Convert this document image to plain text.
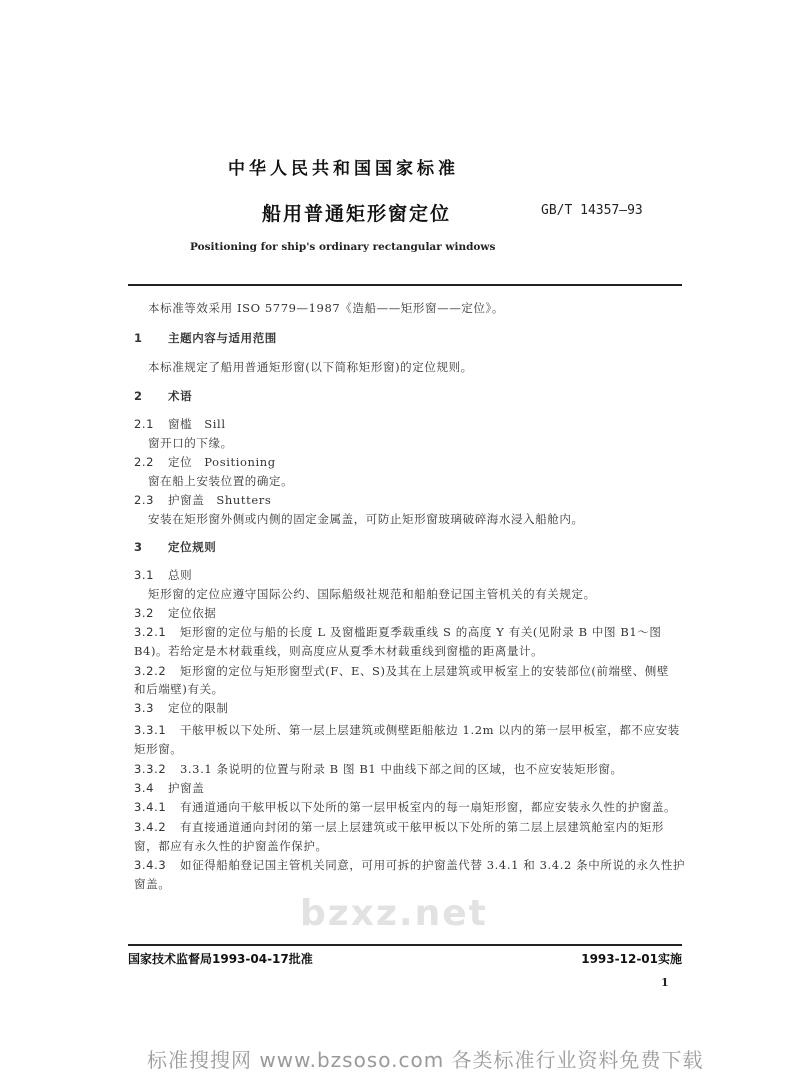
bzxz.net
中华人民共和国国家标准
船用普通矩形窗定位	GB/T 14357—93
Positioning for ship's ordinary rectangular windows
本标准等效采用 ISO 5779—1987《造船——矩形窗——定位》。
1 主题内容与适用范围
本标准规定了船用普通矩形窗(以下简称矩形窗)的定位规则。
2 术语
2.1 窗槛　Sill
窗开口的下缘。
2.2 定位　Positioning
窗在船上安装位置的确定。
2.3 护窗盖　Shutters
安装在矩形窗外侧或内侧的固定金属盖，可防止矩形窗玻璃破碎海水浸入船舱内。
3 定位规则
3.1 总则
矩形窗的定位应遵守国际公约、国际船级社规范和船舶登记国主管机关的有关规定。
3.2 定位依据
3.2.1 矩形窗的定位与船的长度 L 及窗槛距夏季载重线 S 的高度 Y 有关(见附录 B 中图 B1～图
B4)。若给定是木材载重线，则高度应从夏季木材载重线到窗槛的距离量计。
3.2.2 矩形窗的定位与矩形窗型式(F、E、S)及其在上层建筑或甲板室上的安装部位(前端壁、侧壁
和后端壁)有关。
3.3 定位的限制
3.3.1 干舷甲板以下处所、第一层上层建筑或侧壁距船舷边 1.2m 以内的第一层甲板室，都不应安装
矩形窗。
3.3.2 3.3.1 条说明的位置与附录 B 图 B1 中曲线下部之间的区域，也不应安装矩形窗。
3.4 护窗盖
3.4.1 有通道通向干舷甲板以下处所的第一层甲板室内的每一扇矩形窗，都应安装永久性的护窗盖。
3.4.2 有直接通道通向封闭的第一层上层建筑或干舷甲板以下处所的第二层上层建筑舱室内的矩形
窗，都应有永久性的护窗盖作保护。
3.4.3 如征得船舶登记国主管机关同意，可用可拆的护窗盖代替 3.4.1 和 3.4.2 条中所说的永久性护
窗盖。
国家技术监督局1993-04-17批准	1993-12-01实施
1
标准搜搜网 www.bzsoso.com 各类标准行业资料免费下载
